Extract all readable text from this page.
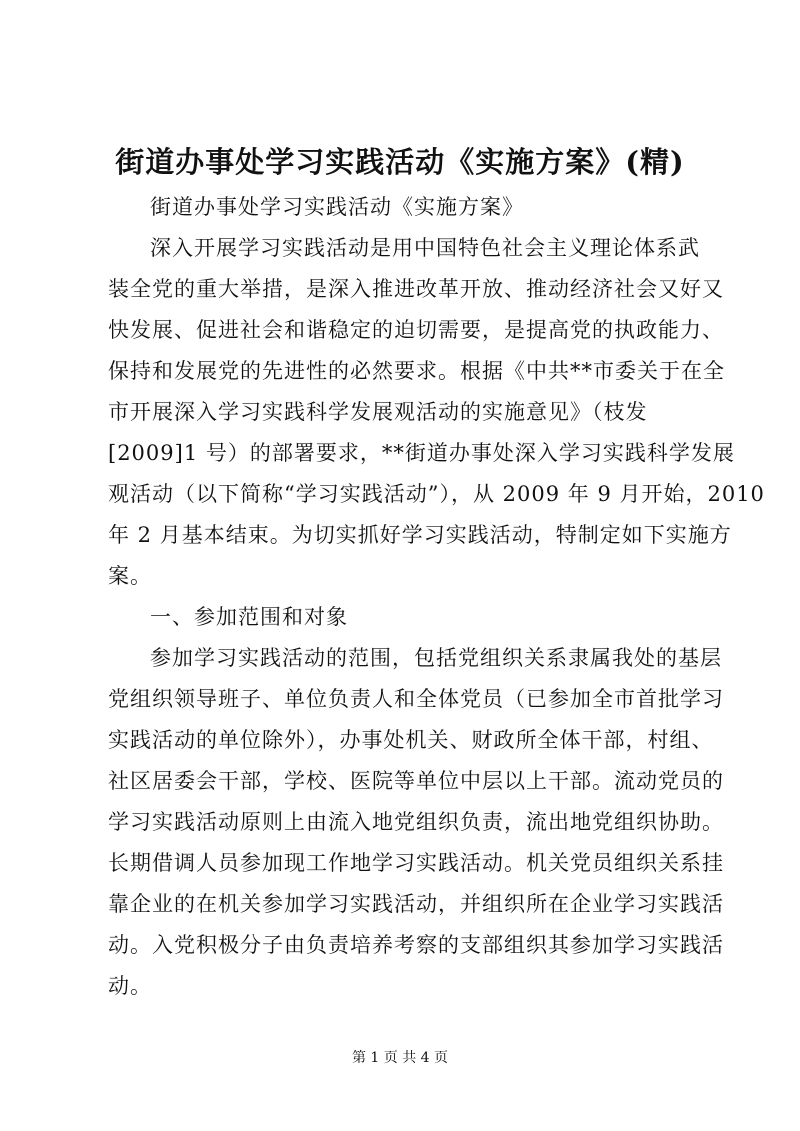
街道办事处学习实践活动《实施方案》(精)
街道办事处学习实践活动《实施方案》
深入开展学习实践活动是用中国特色社会主义理论体系武
装全党的重大举措，是深入推进改革开放、推动经济社会又好又
快发展、促进社会和谐稳定的迫切需要，是提高党的执政能力、
保持和发展党的先进性的必然要求。根据《中共**市委关于在全
市开展深入学习实践科学发展观活动的实施意见》（枝发
[2009]1 号）的部署要求，**街道办事处深入学习实践科学发展
观活动（以下简称“学习实践活动”），从 2009 年 9 月开始，2010
年 2 月基本结束。为切实抓好学习实践活动，特制定如下实施方
案。
一、参加范围和对象
参加学习实践活动的范围，包括党组织关系隶属我处的基层
党组织领导班子、单位负责人和全体党员（已参加全市首批学习
实践活动的单位除外），办事处机关、财政所全体干部，村组、
社区居委会干部，学校、医院等单位中层以上干部。流动党员的
学习实践活动原则上由流入地党组织负责，流出地党组织协助。
长期借调人员参加现工作地学习实践活动。机关党员组织关系挂
靠企业的在机关参加学习实践活动，并组织所在企业学习实践活
动。入党积极分子由负责培养考察的支部组织其参加学习实践活
动。
第 1 页 共 4 页
